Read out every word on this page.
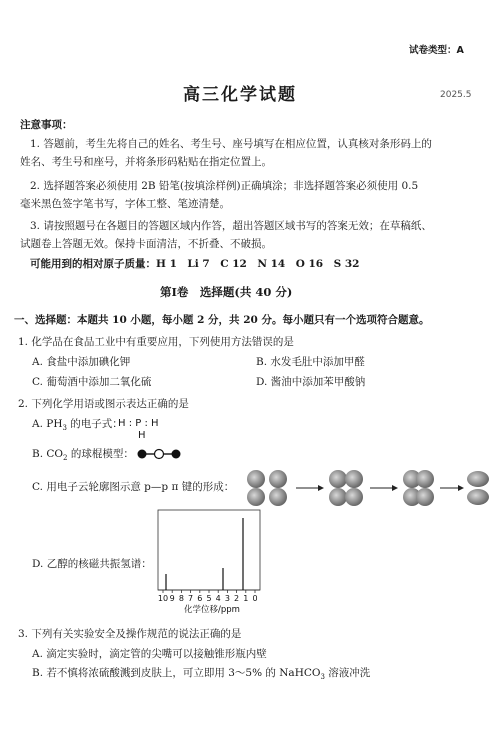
试卷类型：A
高三化学试题	2025.5
注意事项：
1. 答题前，考生先将自己的姓名、考生号、座号填写在相应位置，认真核对条形码上的
姓名、考生号和座号，并将条形码粘贴在指定位置上。
2. 选择题答案必须使用 2B 铅笔(按填涂样例)正确填涂；非选择题答案必须使用 0.5
毫米黑色签字笔书写，字体工整、笔迹清楚。
3. 请按照题号在各题目的答题区域内作答，超出答题区域书写的答案无效；在草稿纸、
试题卷上答题无效。保持卡面清洁，不折叠、不破损。
可能用到的相对原子质量：H 1　Li 7　C 12　N 14　O 16　S 32
第Ⅰ卷　选择题(共 40 分)
一、选择题：本题共 10 小题，每小题 2 分，共 20 分。每小题只有一个选项符合题意。
1. 化学品在食品工业中有重要应用，下列使用方法错误的是
A. 食盐中添加碘化钾	B. 水发毛肚中添加甲醛
C. 葡萄酒中添加二氧化硫	D. 酱油中添加苯甲酸钠
2. 下列化学用语或图示表达正确的是
A. $PH_3$ 的电子式：
H : P : H
H
B. $CO_2$ 的球棍模型：
C. 用电子云轮廓图示意 p—p π 键的形成：
D. 乙醇的核磁共振氢谱：
10 9 8 7 6 5 4 3 2 1 0
化学位移/ppm
3. 下列有关实验安全及操作规范的说法正确的是
A. 滴定实验时，滴定管的尖嘴可以接触锥形瓶内壁
B. 若不慎将浓硫酸溅到皮肤上，可立即用 3～5% 的 NaHCO$_3$ 溶液冲洗
